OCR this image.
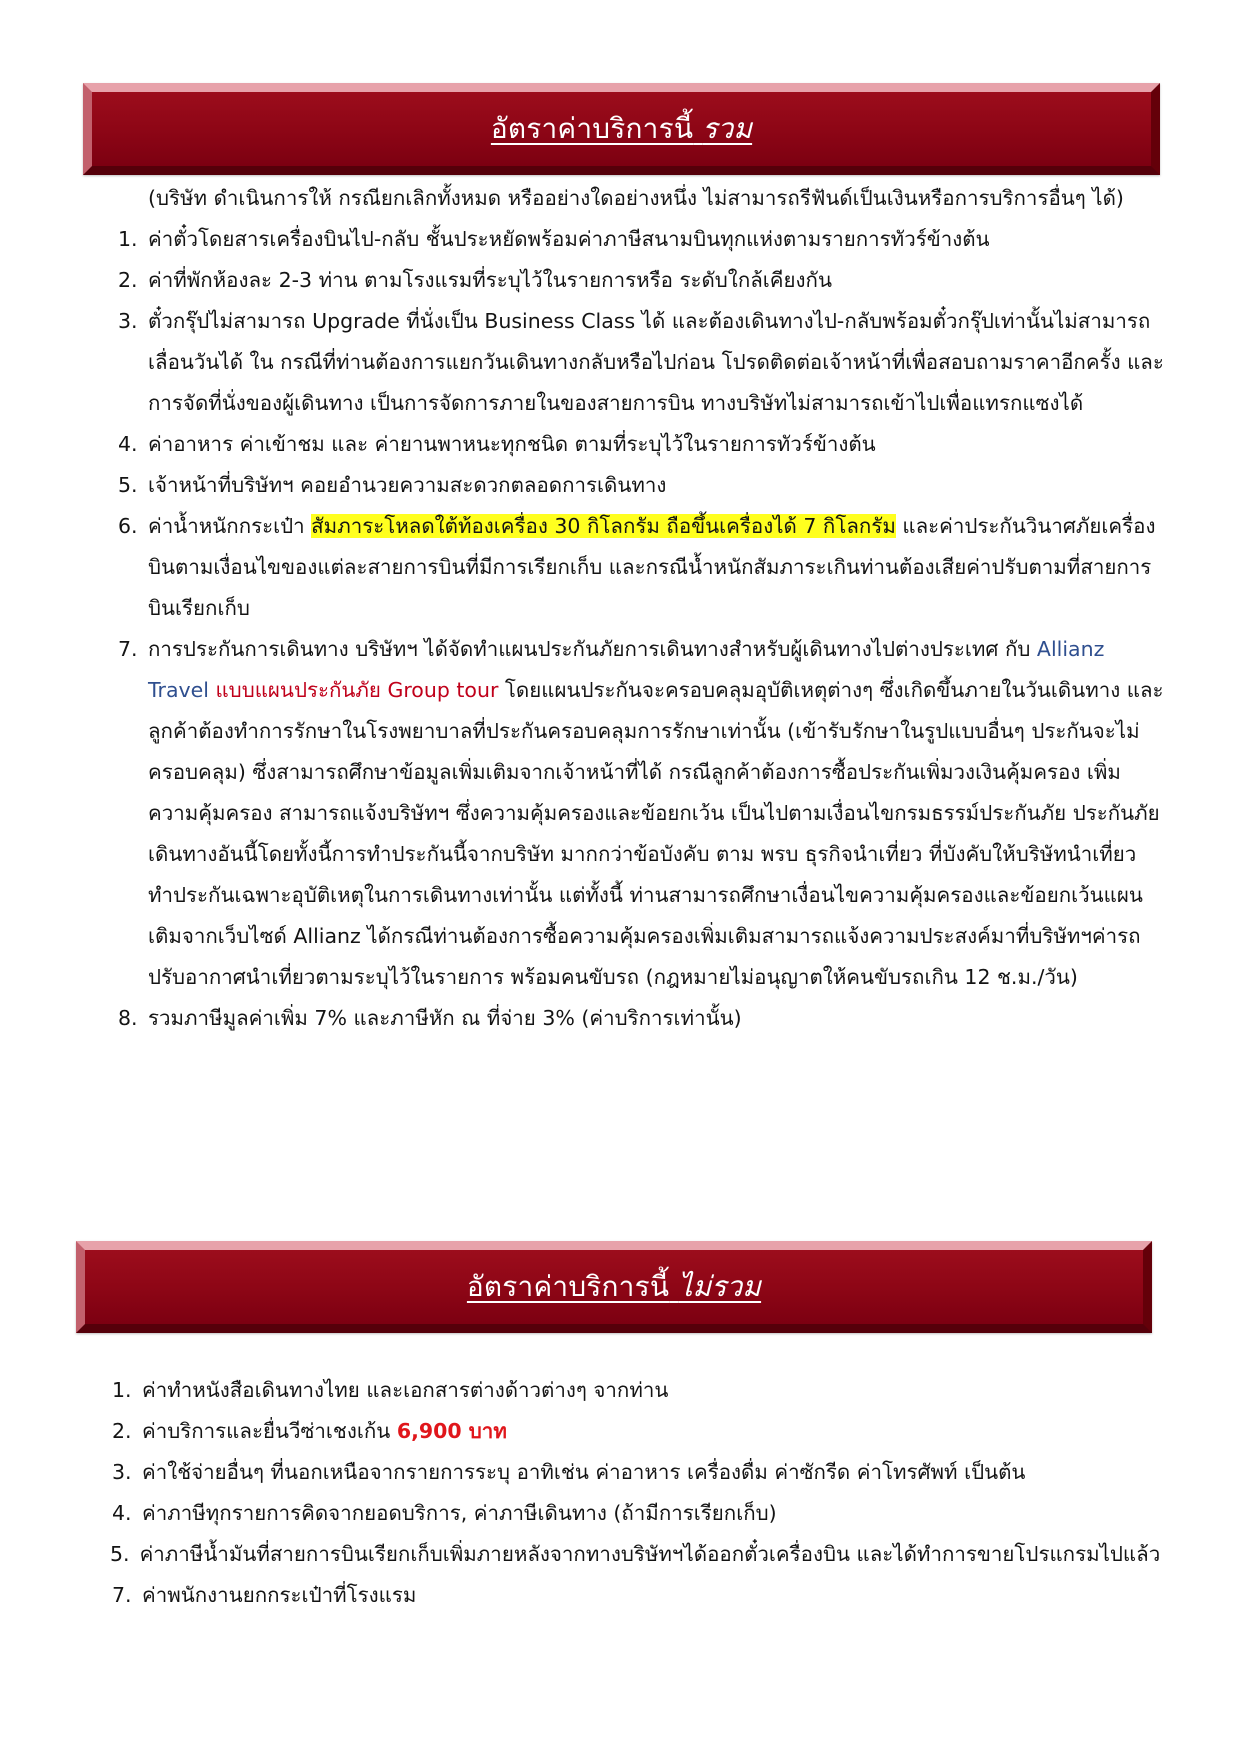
อัตราค่าบริการนี้ รวม
(บริษัท ดำเนินการให้ กรณียกเลิกทั้งหมด หรืออย่างใดอย่างหนึ่ง ไม่สามารถรีฟันด์เป็นเงินหรือการบริการอื่นๆ ได้)
1. ค่าตั๋วโดยสารเครื่องบินไป-กลับ ชั้นประหยัดพร้อมค่าภาษีสนามบินทุกแห่งตามรายการทัวร์ข้างต้น
2. ค่าที่พักห้องละ 2-3 ท่าน ตามโรงแรมที่ระบุไว้ในรายการหรือ ระดับใกล้เคียงกัน
3. ตั๋วกรุ๊ปไม่สามารถ Upgrade ที่นั่งเป็น Business Class ได้ และต้องเดินทางไป-กลับพร้อมตั๋วกรุ๊ปเท่านั้นไม่สามารถเลื่อนวันได้ ใน กรณีที่ท่านต้องการแยกวันเดินทางกลับหรือไปก่อน โปรดติดต่อเจ้าหน้าที่เพื่อสอบถามราคาอีกครั้ง และการจัดที่นั่งของผู้เดินทาง เป็นการจัดการภายในของสายการบิน ทางบริษัทไม่สามารถเข้าไปเพื่อแทรกแซงได้
4. ค่าอาหาร ค่าเข้าชม และ ค่ายานพาหนะทุกชนิด ตามที่ระบุไว้ในรายการทัวร์ข้างต้น
5. เจ้าหน้าที่บริษัทฯ คอยอำนวยความสะดวกตลอดการเดินทาง
6. ค่าน้ำหนักกระเป๋า สัมภาระโหลดใต้ท้องเครื่อง 30 กิโลกรัม ถือขึ้นเครื่องได้ 7 กิโลกรัม และค่าประกันวินาศภัยเครื่องบินตามเงื่อนไขของแต่ละสายการบินที่มีการเรียกเก็บ และกรณีน้ำหนักสัมภาระเกินท่านต้องเสียค่าปรับตามที่สายการบินเรียกเก็บ
7. การประกันการเดินทาง บริษัทฯ ได้จัดทำแผนประกันภัยการเดินทางสำหรับผู้เดินทางไปต่างประเทศ กับ Allianz Travel แบบแผนประกันภัย Group tour โดยแผนประกันจะครอบคลุมอุบัติเหตุต่างๆ ซึ่งเกิดขึ้นภายในวันเดินทาง และลูกค้าต้องทำการรักษาในโรงพยาบาลที่ประกันครอบคลุมการรักษาเท่านั้น (เข้ารับรักษาในรูปแบบอื่นๆ ประกันจะไม่ครอบคลุม) ซึ่งสามารถศึกษาข้อมูลเพิ่มเติมจากเจ้าหน้าที่ได้ กรณีลูกค้าต้องการซื้อประกันเพิ่มวงเงินคุ้มครอง เพิ่มความคุ้มครอง สามารถแจ้งบริษัทฯ ซึ่งความคุ้มครองและข้อยกเว้น เป็นไปตามเงื่อนไขกรมธรรม์ประกันภัย ประกันภัยเดินทางอันนี้โดยทั้งนี้การทำประกันนี้จากบริษัท มากกว่าข้อบังคับ ตาม พรบ ธุรกิจนำเที่ยว ที่บังคับให้บริษัทนำเที่ยว ทำประกันเฉพาะอุบัติเหตุในการเดินทางเท่านั้น แต่ทั้งนี้ ท่านสามารถศึกษาเงื่อนไขความคุ้มครองและข้อยกเว้นแผนเติมจากเว็บไซด์ Allianz ได้กรณีท่านต้องการซื้อความคุ้มครองเพิ่มเติมสามารถแจ้งความประสงค์มาที่บริษัทฯค่ารถปรับอากาศนำเที่ยวตามระบุไว้ในรายการ พร้อมคนขับรถ (กฎหมายไม่อนุญาตให้คนขับรถเกิน 12 ช.ม./วัน)
8. รวมภาษีมูลค่าเพิ่ม 7% และภาษีหัก ณ ที่จ่าย 3% (ค่าบริการเท่านั้น)
อัตราค่าบริการนี้ ไม่รวม
1. ค่าทำหนังสือเดินทางไทย และเอกสารต่างด้าวต่างๆ จากท่าน
2. ค่าบริการและยื่นวีซ่าเชงเก้น 6,900 บาท
3. ค่าใช้จ่ายอื่นๆ ที่นอกเหนือจากรายการระบุ อาทิเช่น ค่าอาหาร เครื่องดื่ม ค่าซักรีด ค่าโทรศัพท์ เป็นต้น
4. ค่าภาษีทุกรายการคิดจากยอดบริการ, ค่าภาษีเดินทาง (ถ้ามีการเรียกเก็บ)
5. ค่าภาษีน้ำมันที่สายการบินเรียกเก็บเพิ่มภายหลังจากทางบริษัทฯได้ออกตั๋วเครื่องบิน และได้ทำการขายโปรแกรมไปแล้ว
7. ค่าพนักงานยกกระเป๋าที่โรงแรม
